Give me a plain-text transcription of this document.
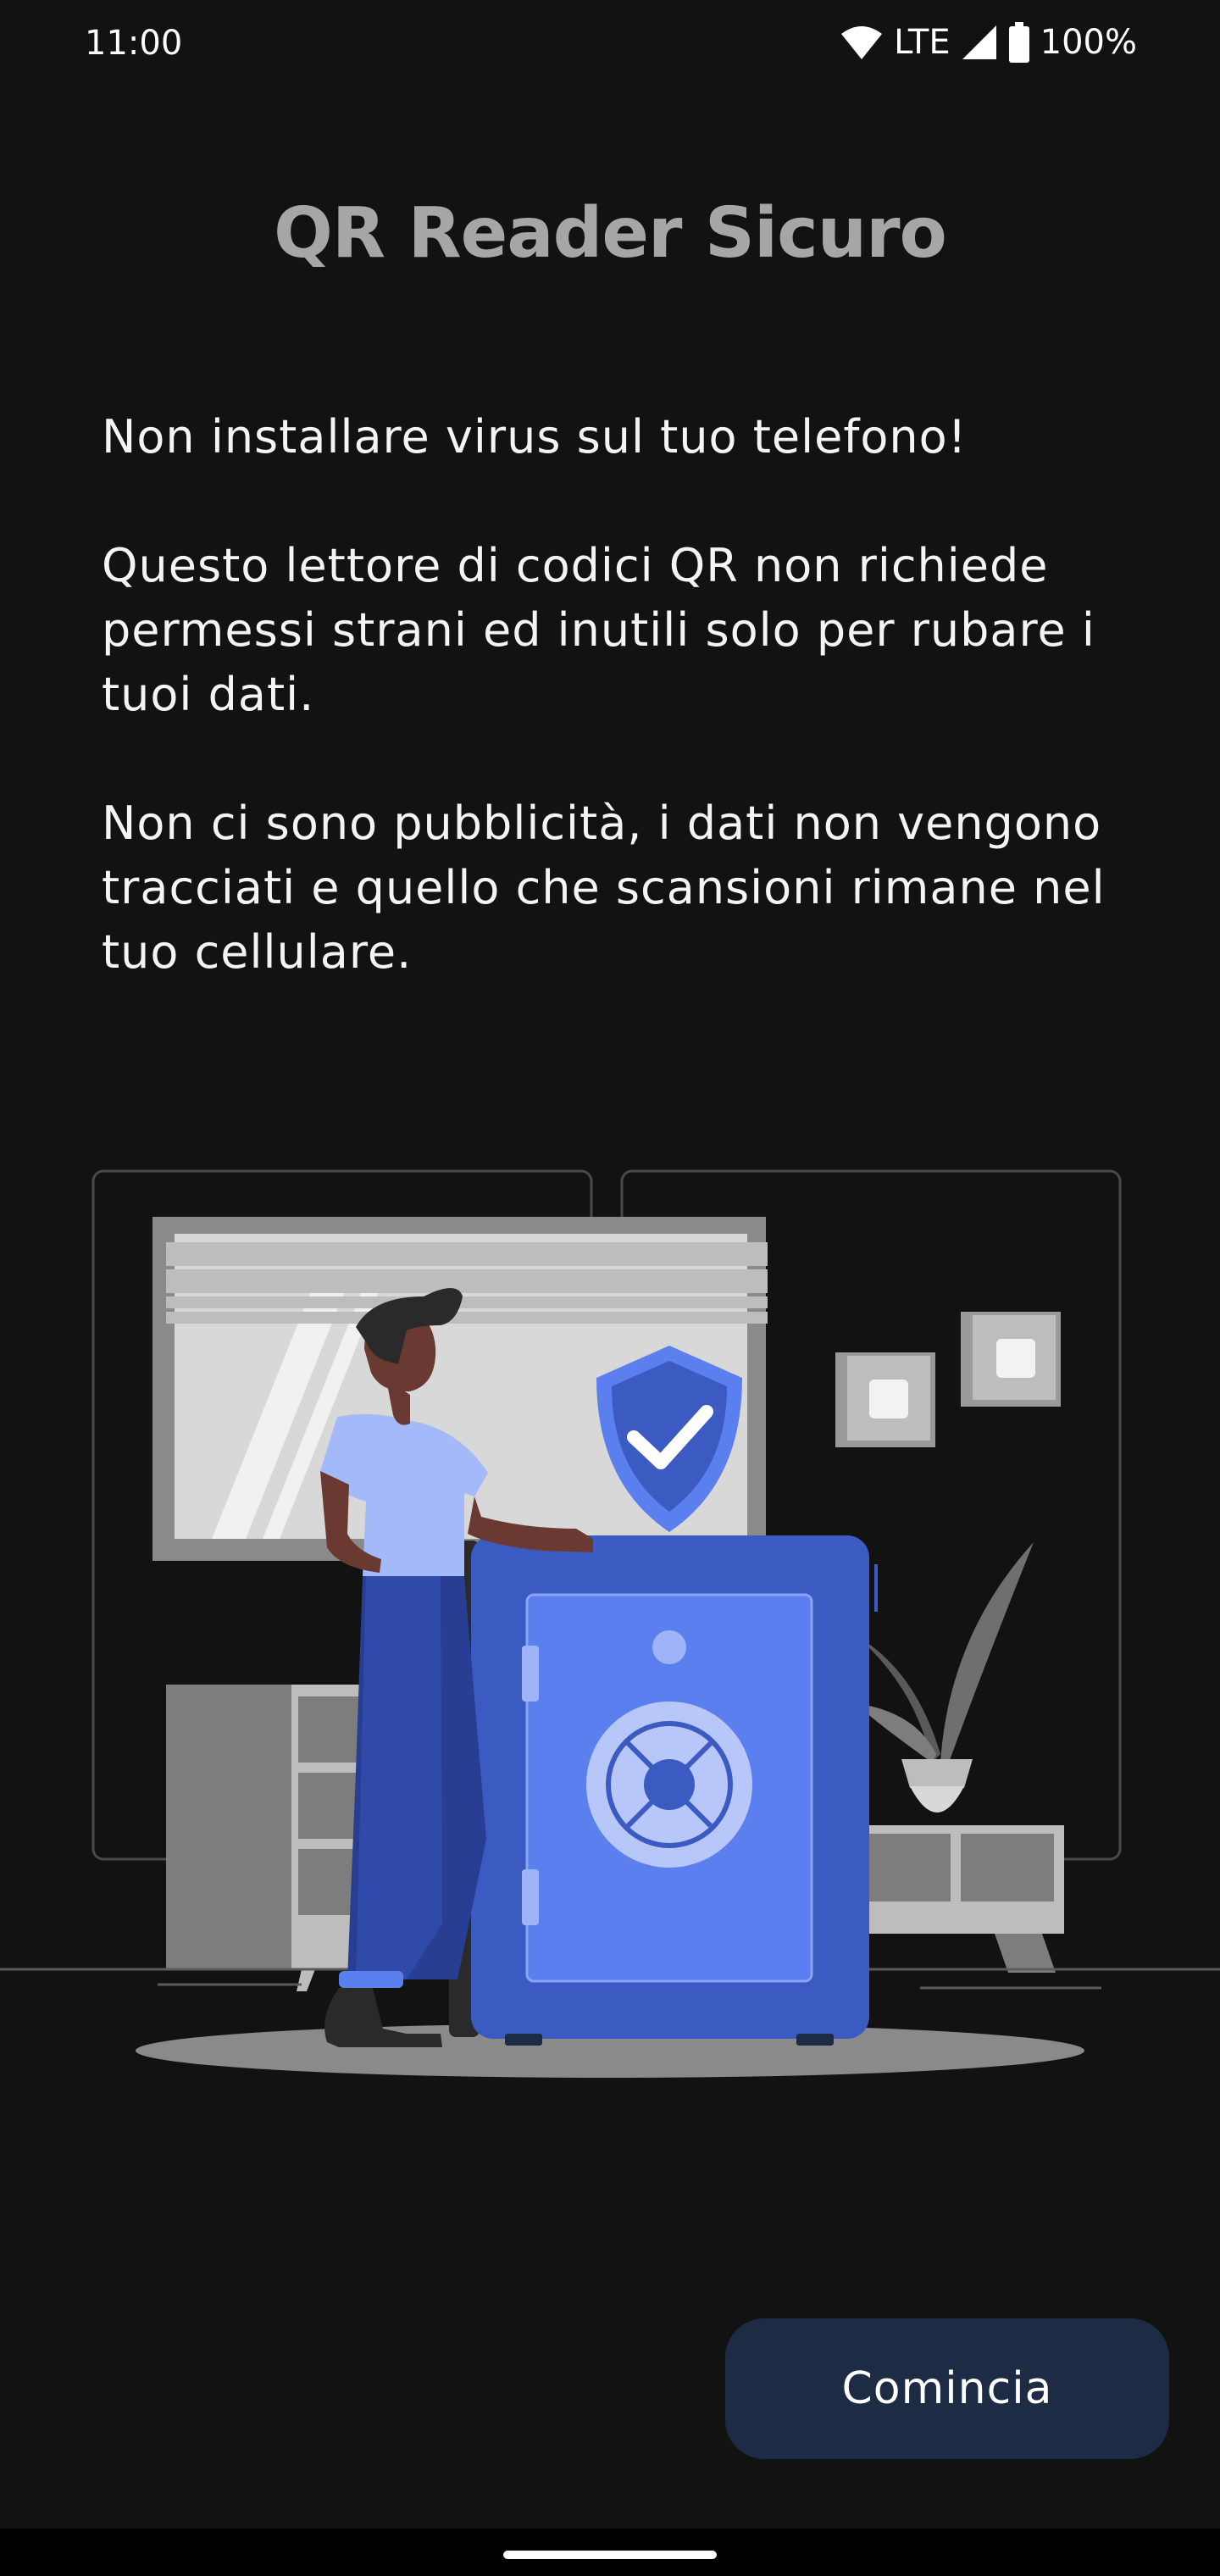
11:00	LTE	100%
QR Reader Sicuro

Non installare virus sul tuo telefono!

Questo lettore di codici QR non richiede permessi strani ed inutili solo per rubare i tuoi dati.

Non ci sono pubblicità, i dati non vengono tracciati e quello che scansioni rimane nel tuo cellulare.

Comincia
